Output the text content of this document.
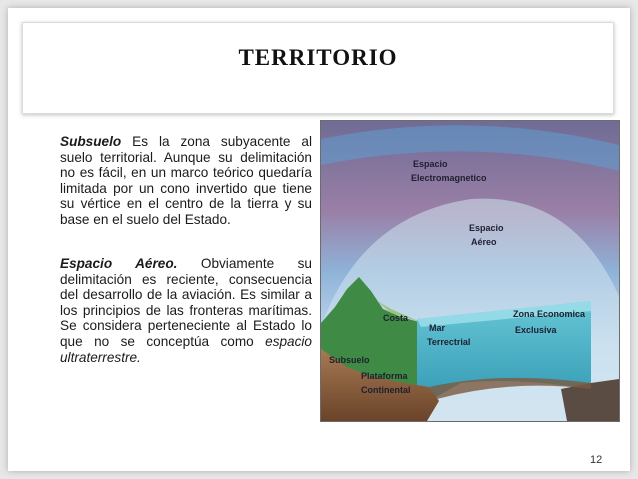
TERRITORIO
Subsuelo Es la zona subyacente al suelo territorial. Aunque su delimitación no es fácil, en un marco teórico quedaría limitada por un cono invertido que tiene su vértice en el centro de la tierra y su base en el suelo del Estado.
Espacio Aéreo. Obviamente su delimitación es reciente, consecuencia del desarrollo de la aviación. Es similar a los principios de las fronteras marítimas. Se considera perteneciente al Estado lo que no se conceptúa como espacio ultraterrestre.
Espacio
Electromagnetico
Espacio
Aéreo
Costa
Mar
Terrectrial
Zona Economica
Exclusiva
Subsuelo
Plataforma
Continental
12
